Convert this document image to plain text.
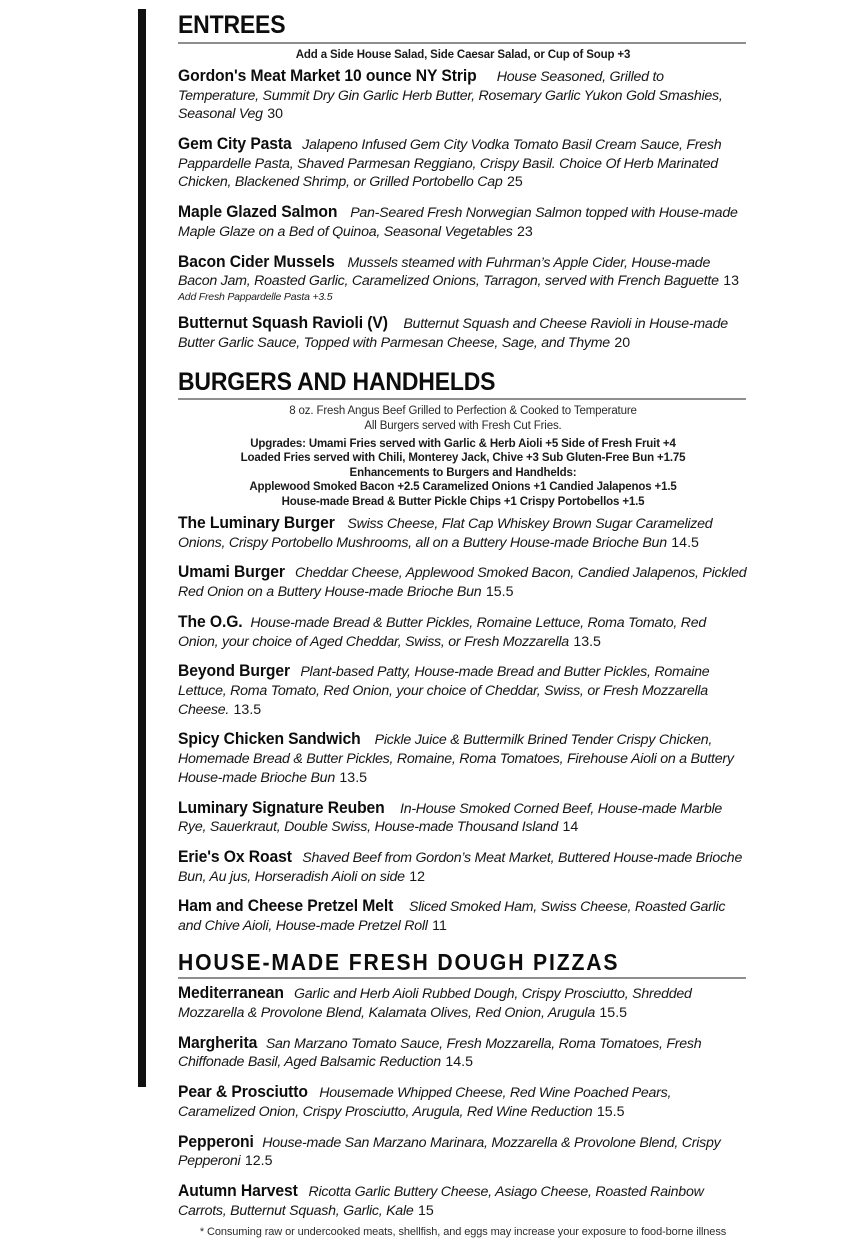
ENTREES
Add a Side House Salad, Side Caesar Salad, or Cup of Soup +3
Gordon's Meat Market 10 ounce NY Strip House Seasoned, Grilled to Temperature, Summit Dry Gin Garlic Herb Butter, Rosemary Garlic Yukon Gold Smashies, Seasonal Veg 30
Gem City Pasta Jalapeno Infused Gem City Vodka Tomato Basil Cream Sauce, Fresh Pappardelle Pasta, Shaved Parmesan Reggiano, Crispy Basil. Choice Of Herb Marinated Chicken, Blackened Shrimp, or Grilled Portobello Cap 25
Maple Glazed Salmon Pan-Seared Fresh Norwegian Salmon topped with House-made Maple Glaze on a Bed of Quinoa, Seasonal Vegetables 23
Bacon Cider Mussels Mussels steamed with Fuhrman’s Apple Cider, House-made Bacon Jam, Roasted Garlic, Caramelized Onions, Tarragon, served with French Baguette 13
Add Fresh Pappardelle Pasta +3.5
Butternut Squash Ravioli (V) Butternut Squash and Cheese Ravioli in House-made Butter Garlic Sauce, Topped with Parmesan Cheese, Sage, and Thyme 20
BURGERS AND HANDHELDS
8 oz. Fresh Angus Beef Grilled to Perfection & Cooked to Temperature
All Burgers served with Fresh Cut Fries.
Upgrades: Umami Fries served with Garlic & Herb Aioli +5 Side of Fresh Fruit +4
Loaded Fries served with Chili, Monterey Jack, Chive +3 Sub Gluten-Free Bun +1.75
Enhancements to Burgers and Handhelds:
Applewood Smoked Bacon +2.5 Caramelized Onions +1 Candied Jalapenos +1.5
House-made Bread & Butter Pickle Chips +1 Crispy Portobellos +1.5
The Luminary Burger Swiss Cheese, Flat Cap Whiskey Brown Sugar Caramelized Onions, Crispy Portobello Mushrooms, all on a Buttery House-made Brioche Bun 14.5
Umami Burger Cheddar Cheese, Applewood Smoked Bacon, Candied Jalapenos, Pickled Red Onion on a Buttery House-made Brioche Bun 15.5
The O.G. House-made Bread & Butter Pickles, Romaine Lettuce, Roma Tomato, Red Onion, your choice of Aged Cheddar, Swiss, or Fresh Mozzarella 13.5
Beyond Burger Plant-based Patty, House-made Bread and Butter Pickles, Romaine Lettuce, Roma Tomato, Red Onion, your choice of Cheddar, Swiss, or Fresh Mozzarella Cheese. 13.5
Spicy Chicken Sandwich Pickle Juice & Buttermilk Brined Tender Crispy Chicken, Homemade Bread & Butter Pickles, Romaine, Roma Tomatoes, Firehouse Aioli on a Buttery House-made Brioche Bun 13.5
Luminary Signature Reuben In-House Smoked Corned Beef, House-made Marble Rye, Sauerkraut, Double Swiss, House-made Thousand Island 14
Erie's Ox Roast Shaved Beef from Gordon’s Meat Market, Buttered House-made Brioche Bun, Au jus, Horseradish Aioli on side 12
Ham and Cheese Pretzel Melt Sliced Smoked Ham, Swiss Cheese, Roasted Garlic and Chive Aioli, House-made Pretzel Roll 11
HOUSE-MADE FRESH DOUGH PIZZAS
Mediterranean Garlic and Herb Aioli Rubbed Dough, Crispy Prosciutto, Shredded Mozzarella & Provolone Blend, Kalamata Olives, Red Onion, Arugula 15.5
Margherita San Marzano Tomato Sauce, Fresh Mozzarella, Roma Tomatoes, Fresh Chiffonade Basil, Aged Balsamic Reduction 14.5
Pear & Prosciutto Housemade Whipped Cheese, Red Wine Poached Pears, Caramelized Onion, Crispy Prosciutto, Arugula, Red Wine Reduction 15.5
Pepperoni House-made San Marzano Marinara, Mozzarella & Provolone Blend, Crispy Pepperoni 12.5
Autumn Harvest Ricotta Garlic Buttery Cheese, Asiago Cheese, Roasted Rainbow Carrots, Butternut Squash, Garlic, Kale 15
* Consuming raw or undercooked meats, shellfish, and eggs may increase your exposure to food-borne illness
